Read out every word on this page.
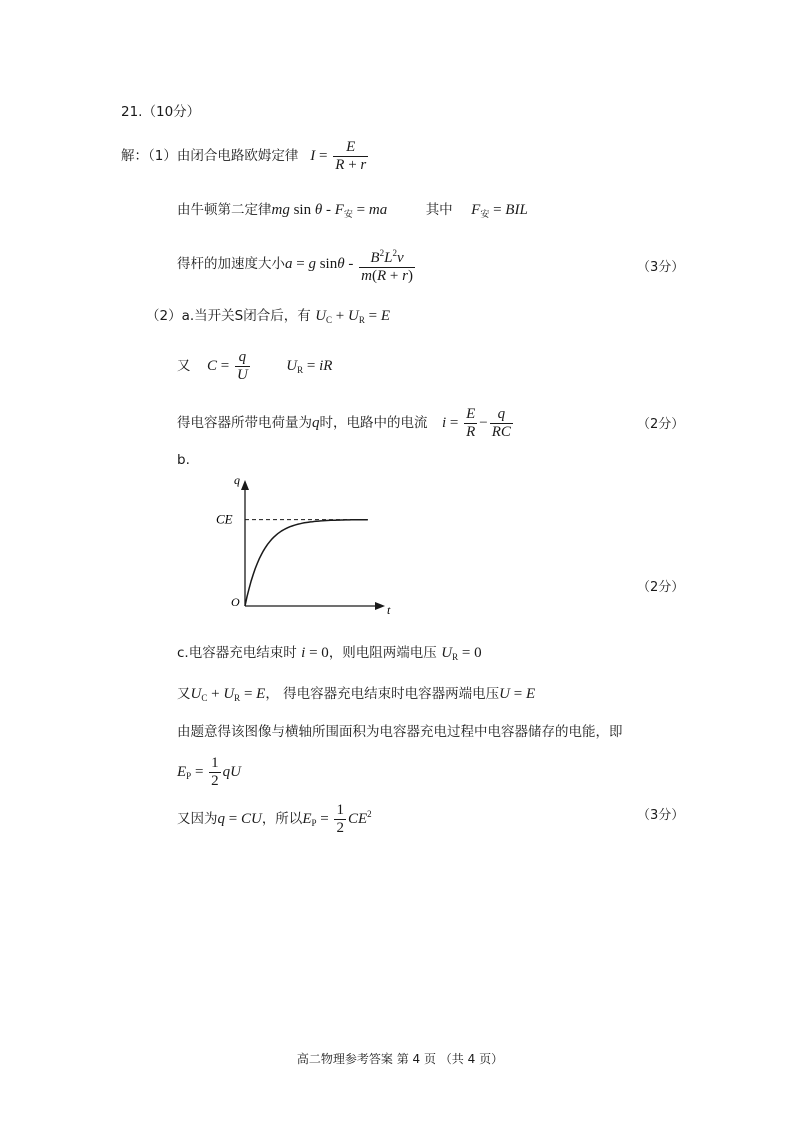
21.（10分）
解：（1）由闭合电路欧姆定律   $I = \frac{E}{R + r}$
由牛顿第二定律mg sin θ - $F_安$ = ma	其中 $F_安$ = BIL
得杆的加速度大小a = g sinθ - $\frac{B^2L^2v}{m(R + r)}$	（3分）
（2）a.当开关S闭合后，有 $U_C + U_R = E$
又 $C = \frac{q}{U} U_R$ = iR
得电容器所带电荷量为q时，电路中的电流 $i = \frac{E}{R} - \frac{q}{RC}$	（2分）
b.
q
t
O
CE
（2分）
c.电容器充电结束时 i = 0，则电阻两端电压 $U_R = 0$
又$U_C + U_R = E$， 得电容器充电结束时电容器两端电压U = E
由题意得该图像与横轴所围面积为电容器充电过程中电容器储存的电能，即
$E_P = \frac{1}{2}$ qU
又因为q = CU，所以$E_P = \frac{1}{2} CE^2$	（3分）
高二物理参考答案 第 4 页 （共 4 页）
